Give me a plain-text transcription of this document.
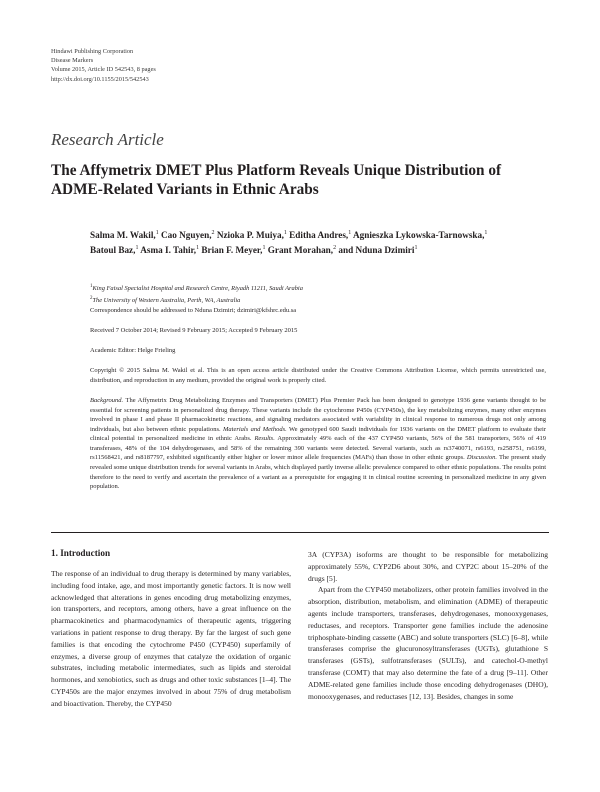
Hindawi Publishing Corporation
Disease Markers
Volume 2015, Article ID 542543, 8 pages
http://dx.doi.org/10.1155/2015/542543
Research Article
The Affymetrix DMET Plus Platform Reveals Unique Distribution of ADME-Related Variants in Ethnic Arabs
Salma M. Wakil,$^1$ Cao Nguyen,$^2$ Nzioka P. Muiya,$^1$ Editha Andres,$^1$ Agnieszka Lykowska-Tarnowska,$^1$ Batoul Baz,$^1$ Asma I. Tahir,$^1$ Brian F. Meyer,$^1$ Grant Morahan,$^2$ and Nduna Dzimiri$^1$
$^1$King Faisal Specialist Hospital and Research Centre, Riyadh 11211, Saudi Arabia
$^2$The University of Western Australia, Perth, WA, Australia
Correspondence should be addressed to Nduna Dzimiri; dzimiri@kfshrc.edu.sa
Received 7 October 2014; Revised 9 February 2015; Accepted 9 February 2015
Academic Editor: Helge Frieling
Copyright © 2015 Salma M. Wakil et al. This is an open access article distributed under the Creative Commons Attribution License, which permits unrestricted use, distribution, and reproduction in any medium, provided the original work is properly cited.
Background. The Affymetrix Drug Metabolizing Enzymes and Transporters (DMET) Plus Premier Pack has been designed to genotype 1936 gene variants thought to be essential for screening patients in personalized drug therapy. These variants include the cytochrome P450s (CYP450s), the key metabolizing enzymes, many other enzymes involved in phase I and phase II pharmacokinetic reactions, and signaling mediators associated with variability in clinical response to numerous drugs not only among individuals, but also between ethnic populations. Materials and Methods. We genotyped 600 Saudi individuals for 1936 variants on the DMET platform to evaluate their clinical potential in personalized medicine in ethnic Arabs. Results. Approximately 49% each of the 437 CYP450 variants, 56% of the 581 transporters, 56% of 419 transferases, 48% of the 104 dehydrogenases, and 58% of the remaining 390 variants were detected. Several variants, such as rs3740071, rs6193, rs258751, rs6199, rs11568421, and rs8187797, exhibited significantly either higher or lower minor allele frequencies (MAFs) than those in other ethnic groups. Discussion. The present study revealed some unique distribution trends for several variants in Arabs, which displayed partly inverse allelic prevalence compared to other ethnic populations. The results point therefore to the need to verify and ascertain the prevalence of a variant as a prerequisite for engaging it in clinical routine screening in personalized medicine in any given population.
1. Introduction

The response of an individual to drug therapy is determined by many variables, including food intake, age, and most importantly genetic factors. It is now well acknowledged that alterations in genes encoding drug metabolizing enzymes, ion transporters, and receptors, among others, have a great influence on the pharmacokinetics and pharmacodynamics of therapeutic agents, triggering variations in patient response to drug therapy. By far the largest of such gene families is that encoding the cytochrome P450 (CYP450) superfamily of enzymes, a diverse group of enzymes that catalyze the oxidation of organic substrates, including metabolic intermediates, such as lipids and steroidal hormones, and xenobiotics, such as drugs and other toxic substances [1–4]. The CYP450s are the major enzymes involved in about 75% of drug metabolism and bioactivation. Thereby, the CYP450

3A (CYP3A) isoforms are thought to be responsible for metabolizing approximately 55%, CYP2D6 about 30%, and CYP2C about 15–20% of the drugs [5].

Apart from the CYP450 metabolizers, other protein families involved in the absorption, distribution, metabolism, and elimination (ADME) of therapeutic agents include transporters, transferases, dehydrogenases, monooxygenases, reductases, and receptors. Transporter gene families include the adenosine triphosphate-binding cassette (ABC) and solute transporters (SLC) [6–8], while transferases comprise the glucuronosyltransferases (UGTs), glutathione S transferases (GSTs), sulfotransferases (SULTs), and catechol-O-methyl transferase (COMT) that may also determine the fate of a drug [9–11]. Other ADME-related gene families include those encoding dehydrogenases (DHO), monooxygenases, and reductases [12, 13]. Besides, changes in some
